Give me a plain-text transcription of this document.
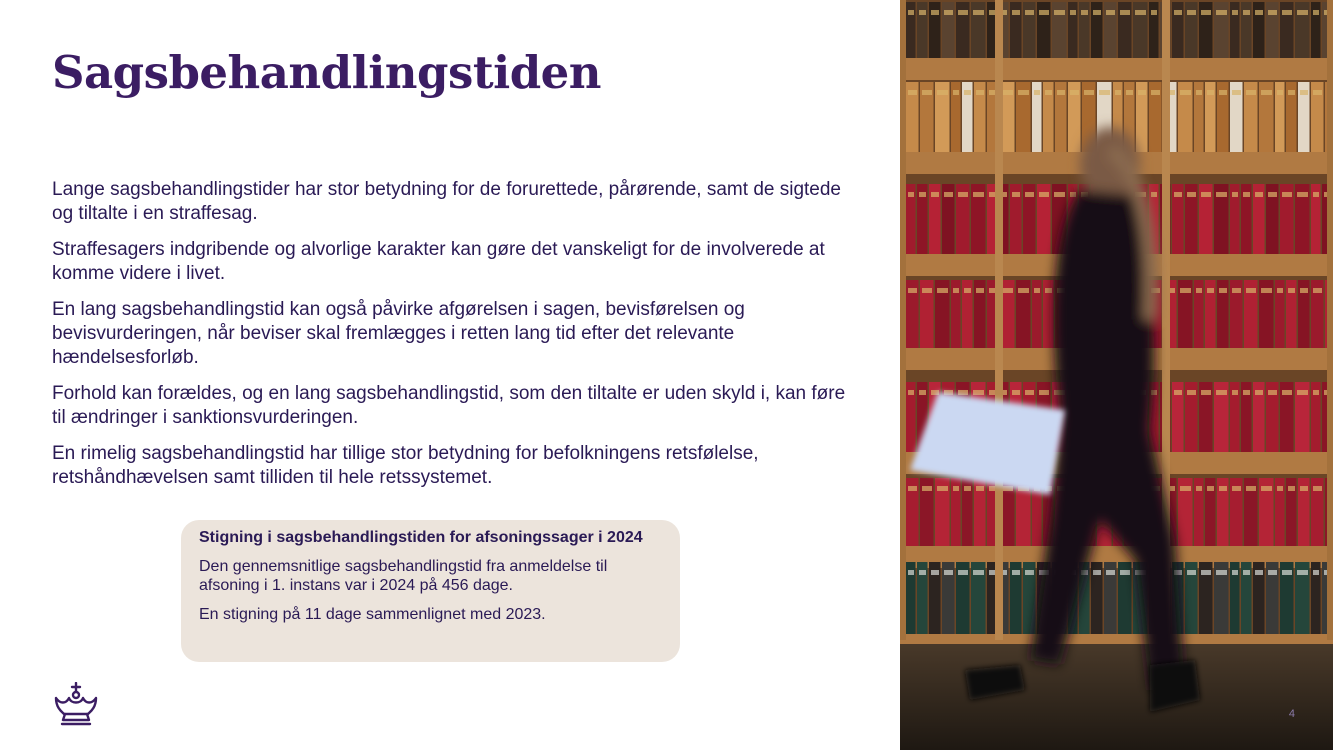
Sagsbehandlingstiden

Lange sagsbehandlingstider har stor betydning for de forurettede, pårørende, samt de sigtede og tiltalte i en straffesag.

Straffesagers indgribende og alvorlige karakter kan gøre det vanskeligt for de involverede at komme videre i livet.

En lang sagsbehandlingstid kan også påvirke afgørelsen i sagen, bevisførelsen og bevisvurderingen, når beviser skal fremlægges i retten lang tid efter det relevante hændelsesforløb.

Forhold kan forældes, og en lang sagsbehandlingstid, som den tiltalte er uden skyld i, kan føre til ændringer i sanktionsvurderingen.

En rimelig sagsbehandlingstid har tillige stor betydning for befolkningens retsfølelse, retshåndhævelsen samt tilliden til hele retssystemet.

Stigning i sagsbehandlingstiden for afsoningssager i 2024

Den gennemsnitlige sagsbehandlingstid fra anmeldelse til afsoning i 1. instans var i 2024 på 456 dage.

En stigning på 11 dage sammenlignet med 2023.

4
